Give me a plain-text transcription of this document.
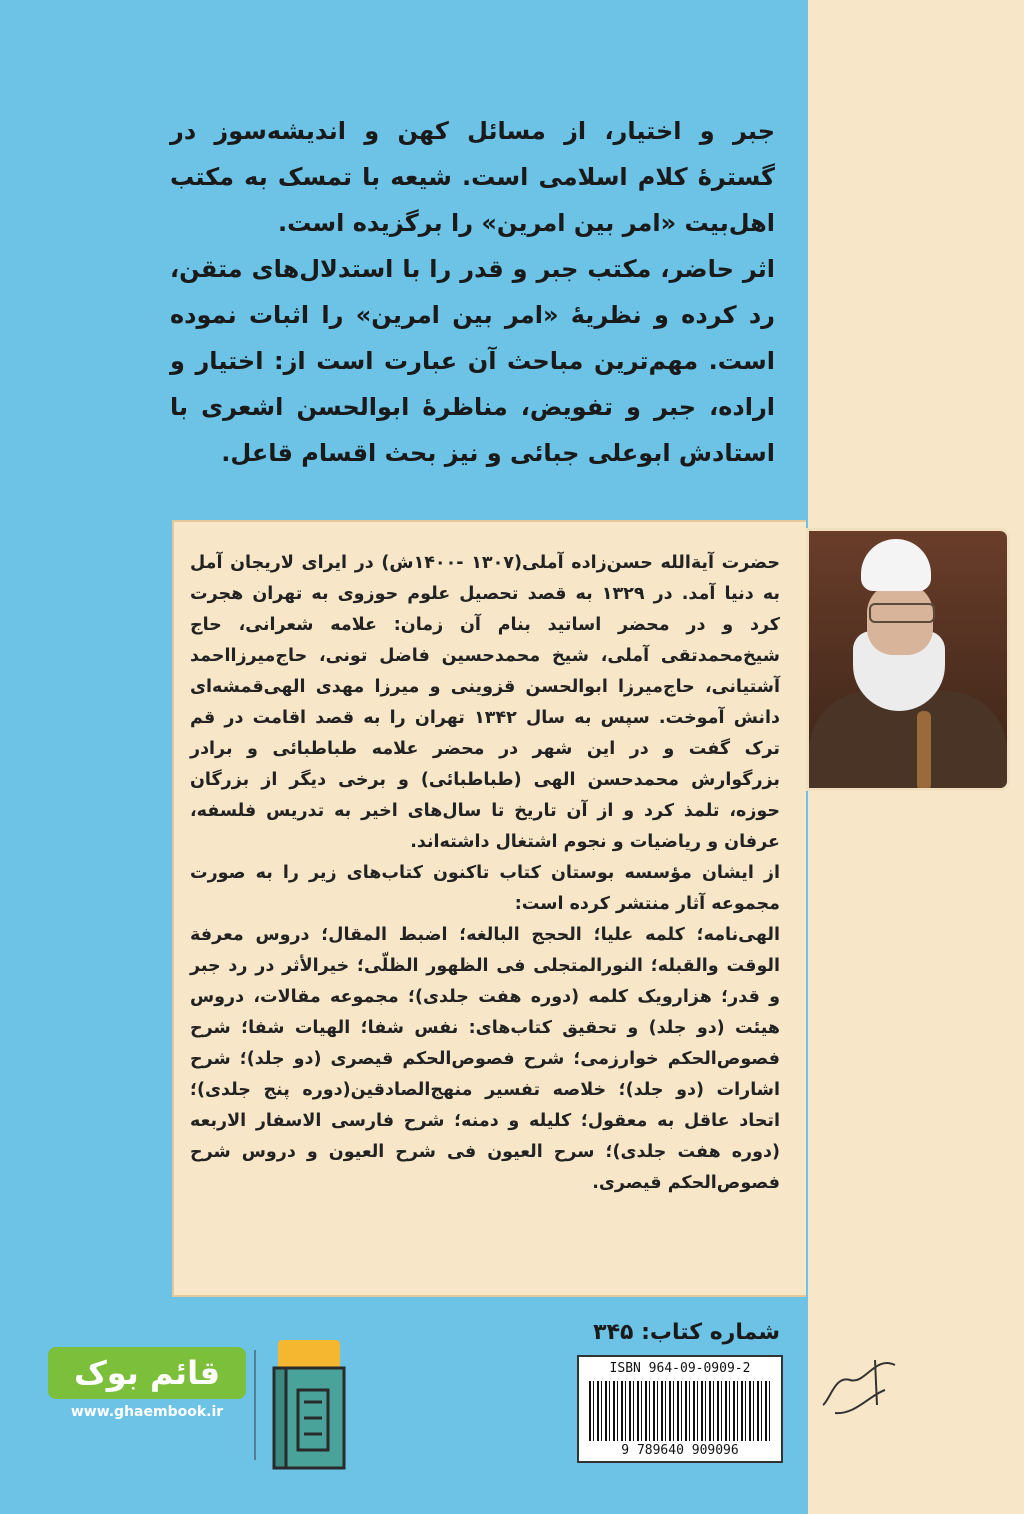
جبر و اختیار، از مسائل کهن و اندیشه‌سوز در گسترهٔ کلام اسلامی است. شیعه با تمسک به مکتب اهل‌بیت «امر بین امرین» را برگزیده است.

اثر حاضر، مکتب جبر و قدر را با استدلال‌های متقن، رد کرده و نظریهٔ «امر بین امرین» را اثبات نموده است. مهم‌ترین مباحث آن عبارت است از: اختیار و اراده، جبر و تفویض، مناظرهٔ ابوالحسن اشعری با استادش ابوعلی جبائی و نیز بحث اقسام قاعل.

حضرت آیة‌الله حسن‌زاده آملی(۱۳۰۷ -۱۴۰۰ش) در ایرای لاریجان آمل به دنیا آمد. در ۱۳۲۹ به قصد تحصیل علوم حوزوی به تهران هجرت کرد و در محضر اساتید بنام آن زمان: علامه شعرانی، حاج شیخ‌محمدتقی آملی، شیخ محمدحسین فاضل تونی، حاج‌میرزااحمد آشتیانی، حاج‌میرزا ابوالحسن قزوینی و میرزا مهدی الهی‌قمشه‌ای دانش آموخت. سپس به سال ۱۳۴۲ تهران را به قصد اقامت در قم ترک گفت و در این شهر در محضر علامه طباطبائی و برادر بزرگوارش محمدحسن الهی (طباطبائی) و برخی دیگر از بزرگان حوزه، تلمذ کرد و از آن تاریخ تا سال‌های اخیر به تدریس فلسفه، عرفان و ریاضیات و نجوم اشتغال داشته‌اند.

از ایشان مؤسسه بوستان کتاب تاکنون کتاب‌های زیر را به صورت مجموعه آثار منتشر کرده است:

الهی‌نامه؛ کلمه علیا؛ الحجج البالغه؛ اضبط المقال؛ دروس معرفة الوقت والقبله؛ النورالمتجلی فی الظهور الظلّی؛ خیرالأثر در رد جبر و قدر؛ هزارویک کلمه (دوره هفت جلدی)؛ مجموعه مقالات، دروس هیئت (دو جلد) و تحقیق کتاب‌های: نفس شفا؛ الهیات شفا؛ شرح فصوص‌الحکم خوارزمی؛ شرح فصوص‌الحکم قیصری (دو جلد)؛ شرح اشارات (دو جلد)؛ خلاصه تفسیر منهج‌الصادقین(دوره پنج جلدی)؛ اتحاد عاقل به معقول؛ کلیله و دمنه؛ شرح فارسی الاسفار الاربعه (دوره هفت جلدی)؛ سرح العیون فی شرح العیون و دروس شرح فصوص‌الحکم قیصری.

شماره کتاب: ۳۴۵
ISBN 964-09-0909-2
9 789640 909096
قائم بوک
www.ghaembook.ir
